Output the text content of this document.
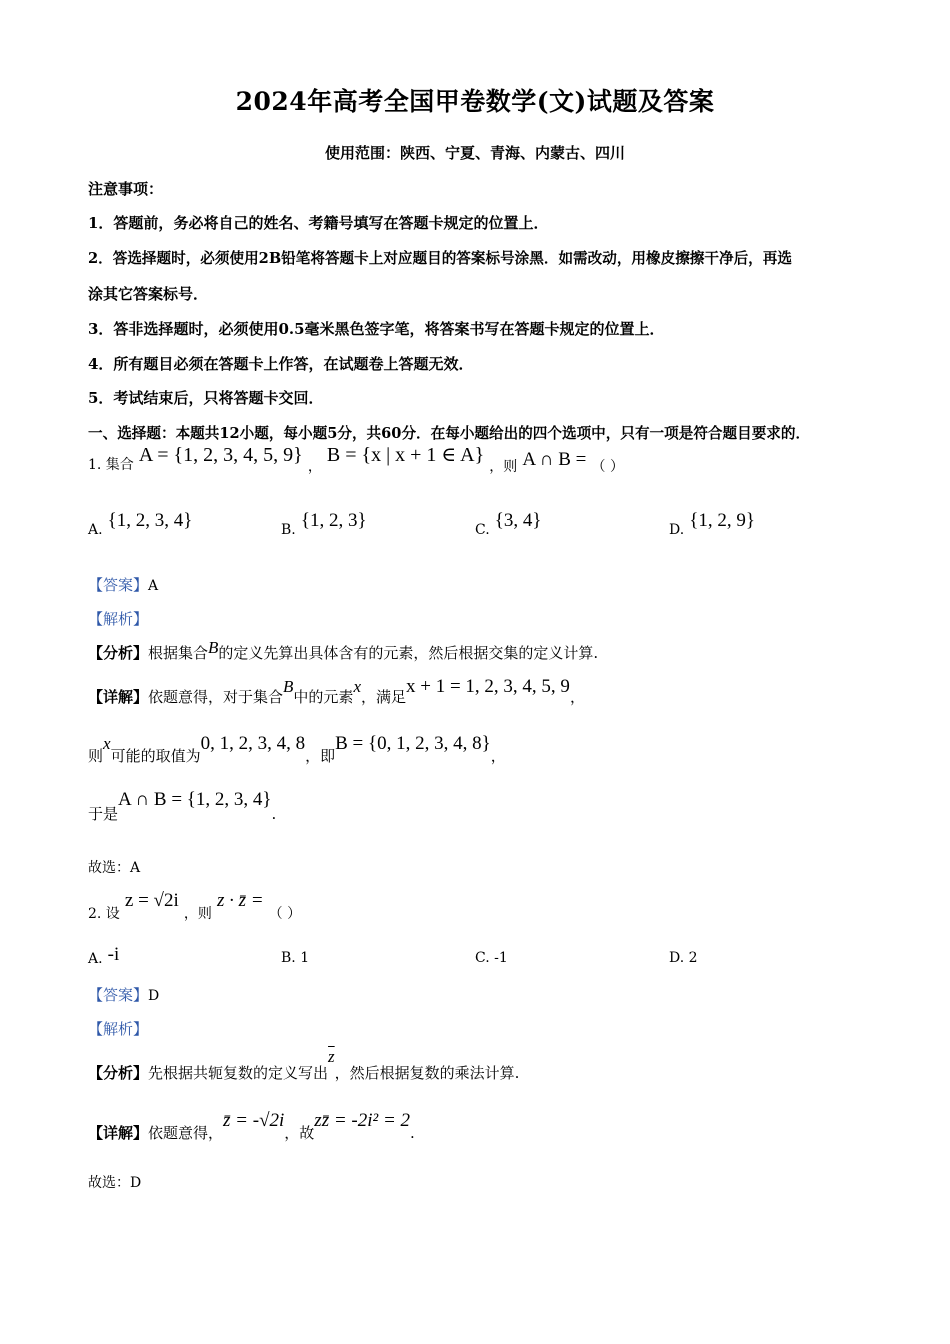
2024年高考全国甲卷数学(文)试题及答案
使用范围：陕西、宁夏、青海、内蒙古、四川
注意事项：
1．答题前，务必将自己的姓名、考籍号填写在答题卡规定的位置上．
2．答选择题时，必须使用2B铅笔将答题卡上对应题目的答案标号涂黑．如需改动，用橡皮擦擦干净后，再选
涂其它答案标号．
3．答非选择题时，必须使用0.5毫米黑色签字笔，将答案书写在答题卡规定的位置上．
4．所有题目必须在答题卡上作答，在试题卷上答题无效．
5．考试结束后，只将答题卡交回．
一、选择题：本题共12小题，每小题5分，共60分．在每小题给出的四个选项中，只有一项是符合题目要求的．
1. 集合 A = {1, 2, 3, 4, 5, 9} ， B = {x | x + 1 ∈ A} ，则 A ∩ B = （ ）
A. {1, 2, 3, 4}	B. {1, 2, 3}	C. {3, 4}	D. {1, 2, 9}
【答案】A
【解析】
【分析】根据集合B的定义先算出具体含有的元素，然后根据交集的定义计算.
【详解】依题意得，对于集合B中的元素x，满足x + 1 = 1, 2, 3, 4, 5, 9，
则x可能的取值为0, 1, 2, 3, 4, 8，即B = {0, 1, 2, 3, 4, 8}，
于是A ∩ B = {1, 2, 3, 4}.
故选：A
2. 设 z = √2i ，则 z · z̄ = （ ）
A. -i	B. 1	C. -1	D. 2
【答案】D
【解析】
【分析】先根据共轭复数的定义写出$\overline{z}$，然后根据复数的乘法计算.
【详解】依题意得，z̄ = -√2i，故zz̄ = -2i² = 2.
故选：D
